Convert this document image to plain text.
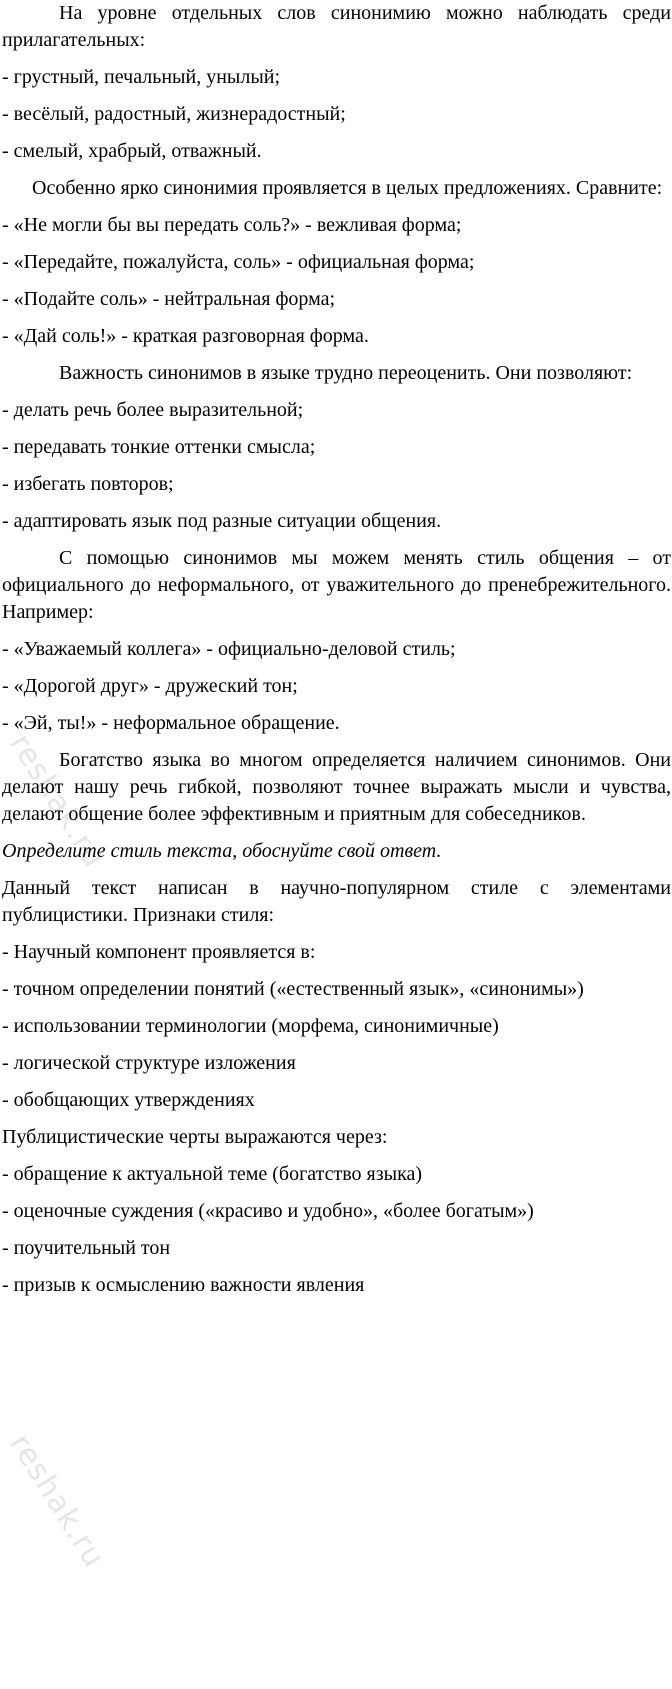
На уровне отдельных слов синонимию можно наблюдать среди прилагательных:

- грустный, печальный, унылый;

- весёлый, радостный, жизнерадостный;

- смелый, храбрый, отважный.

Особенно ярко синонимия проявляется в целых предложениях. Сравните:

- «Не могли бы вы передать соль?» - вежливая форма;

- «Передайте, пожалуйста, соль» - официальная форма;

- «Подайте соль» - нейтральная форма;

- «Дай соль!» - краткая разговорная форма.

Важность синонимов в языке трудно переоценить. Они позволяют:

- делать речь более выразительной;

- передавать тонкие оттенки смысла;

- избегать повторов;

- адаптировать язык под разные ситуации общения.

С помощью синонимов мы можем менять стиль общения – от официального до неформального, от уважительного до пренебрежительного. Например:

- «Уважаемый коллега» - официально-деловой стиль;

- «Дорогой друг» - дружеский тон;

- «Эй, ты!» - неформальное обращение.

Богатство языка во многом определяется наличием синонимов. Они делают нашу речь гибкой, позволяют точнее выражать мысли и чувства, делают общение более эффективным и приятным для собеседников.

Определите стиль текста, обоснуйте свой ответ.

Данный текст написан в научно-популярном стиле с элементами публицистики. Признаки стиля:

- Научный компонент проявляется в:

- точном определении понятий («естественный язык», «синонимы»)

- использовании терминологии (морфема, синонимичные)

- логической структуре изложения

- обобщающих утверждениях

Публицистические черты выражаются через:

- обращение к актуальной теме (богатство языка)

- оценочные суждения («красиво и удобно», «более богатым»)

- поучительный тон

- призыв к осмыслению важности явления

reshak.ru
reshak.ru
